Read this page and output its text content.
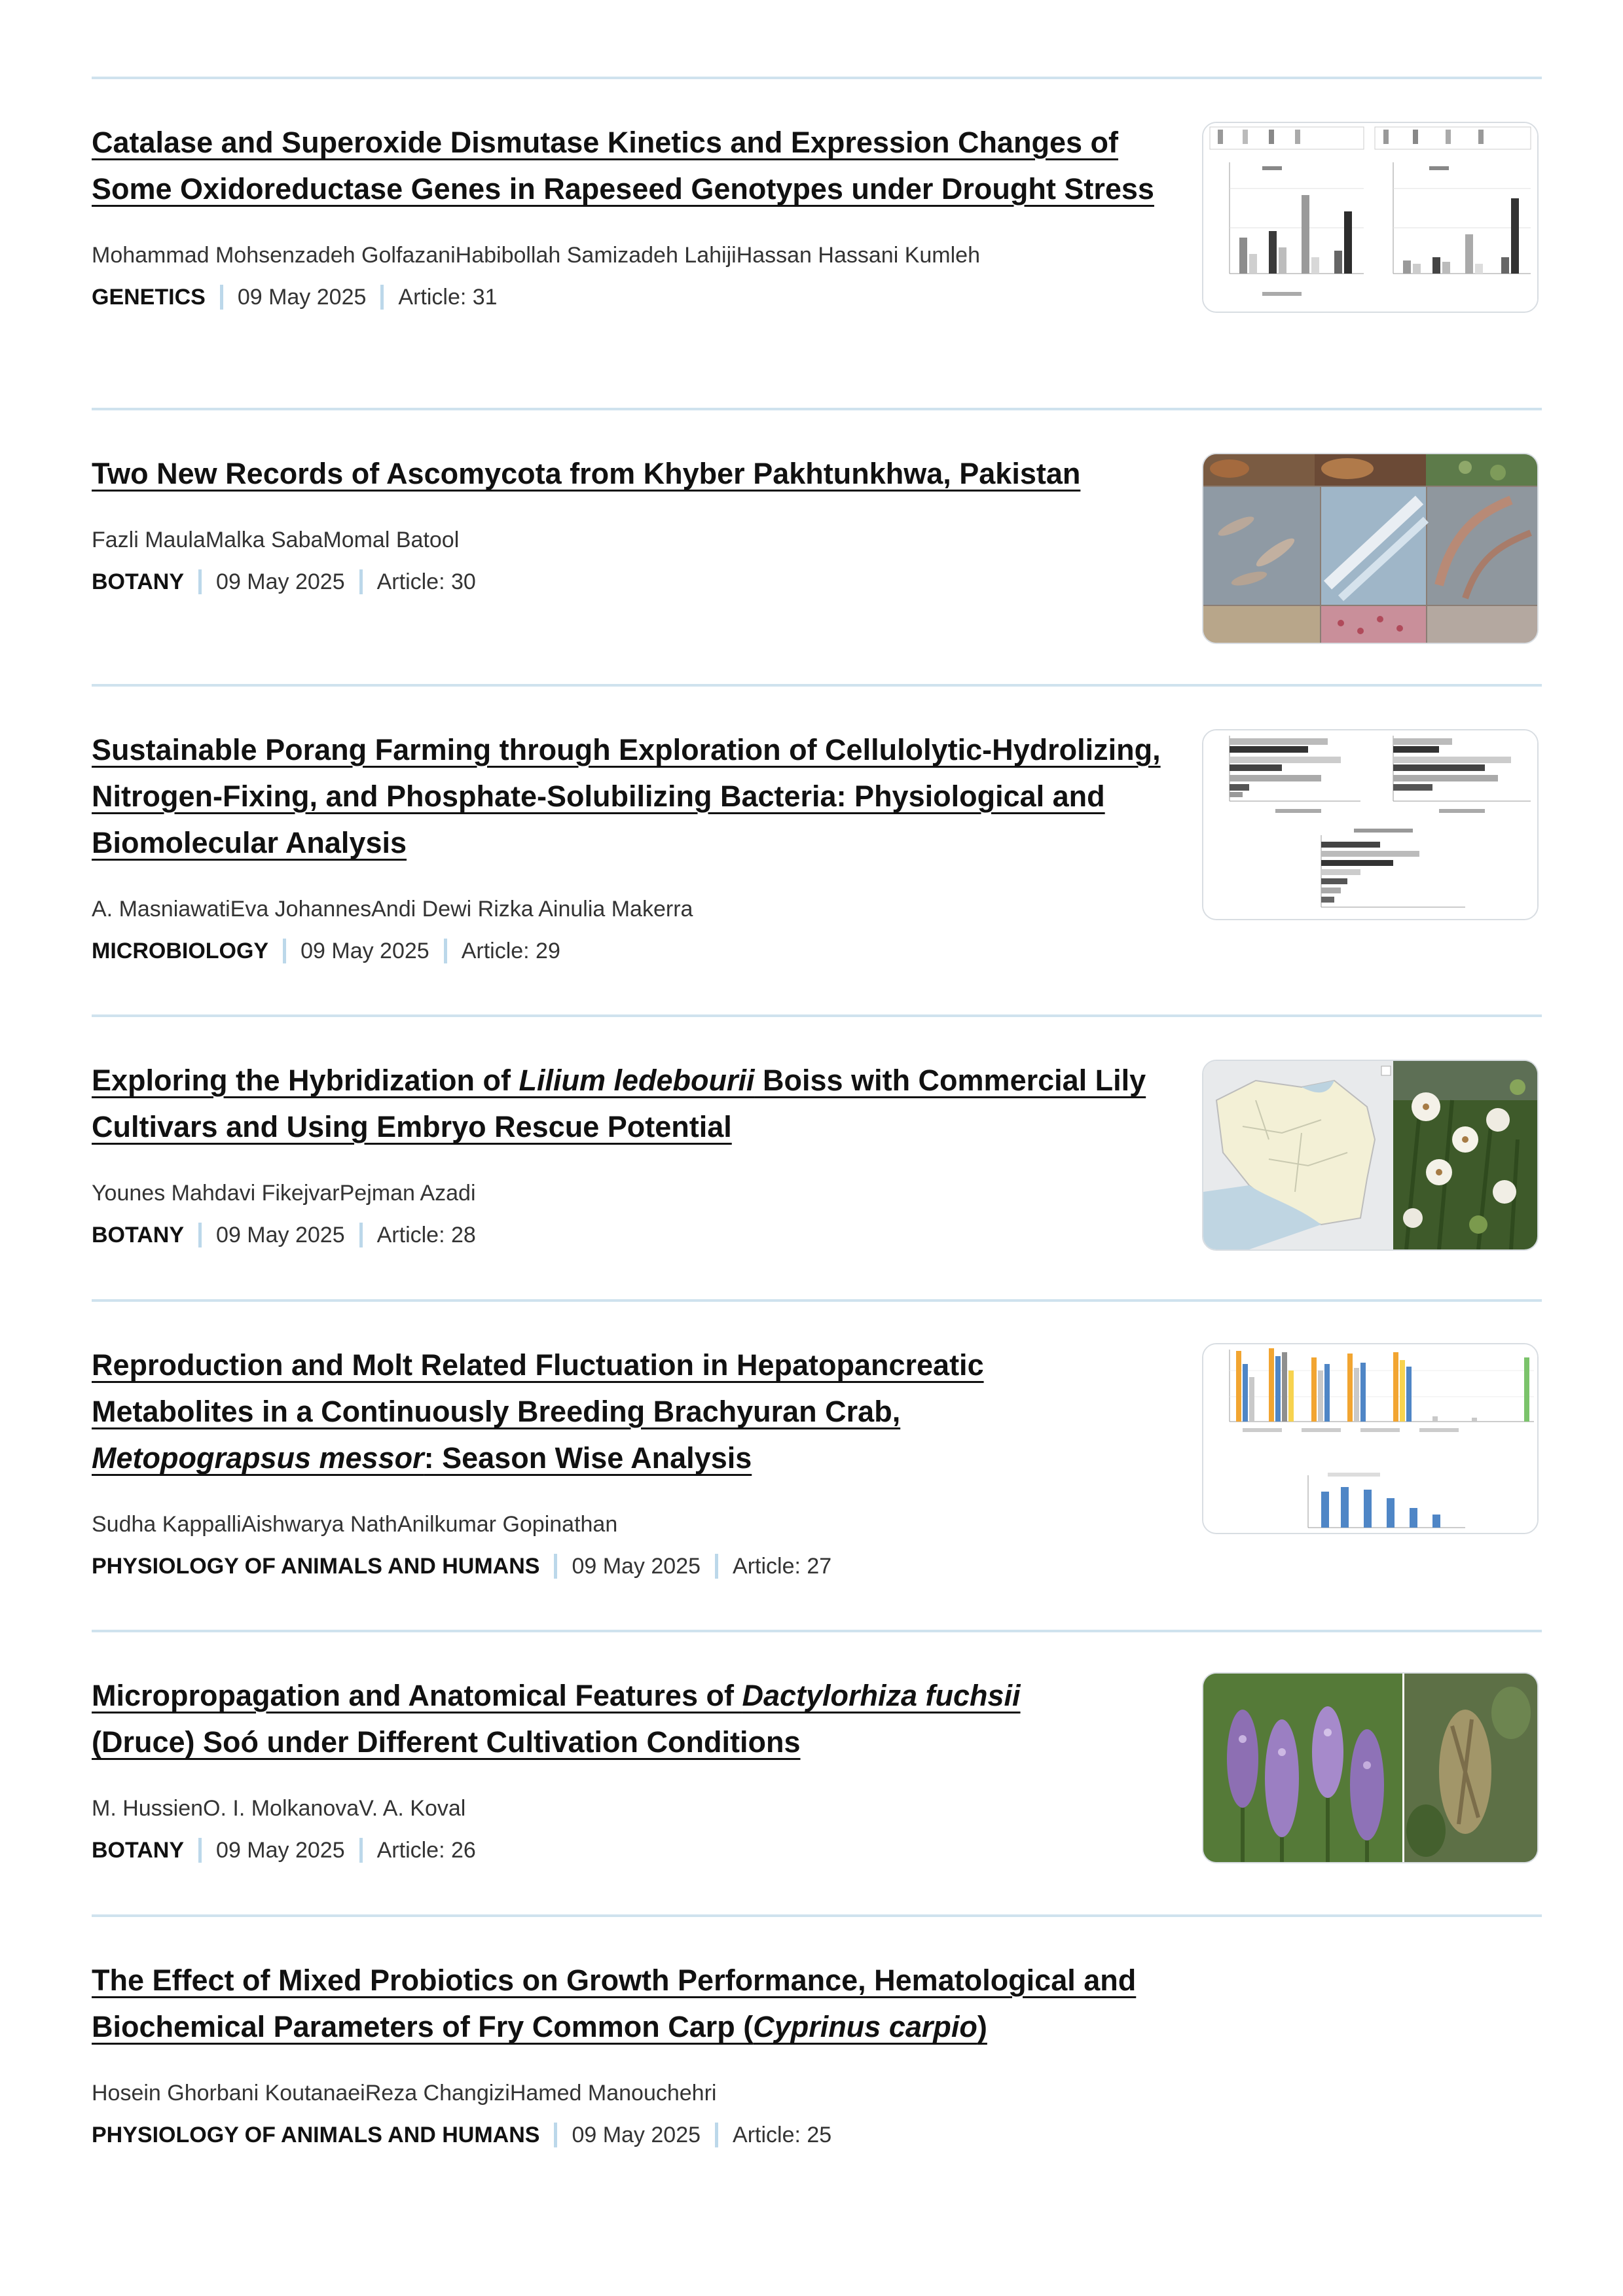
Catalase and Superoxide Dismutase Kinetics and Expression Changes of Some Oxidoreductase Genes in Rapeseed Genotypes under Drought Stress
Mohammad Mohsenzadeh GolfazaniHabibollah Samizadeh LahijiHassan Hassani Kumleh
GENETICS 09 May 2025 Article: 31
Two New Records of Ascomycota from Khyber Pakhtunkhwa, Pakistan
Fazli MaulaMalka SabaMomal Batool
BOTANY 09 May 2025 Article: 30
Sustainable Porang Farming through Exploration of Cellulolytic-Hydrolizing, Nitrogen-Fixing, and Phosphate-Solubilizing Bacteria: Physiological and Biomolecular Analysis
A. MasniawatiEva JohannesAndi Dewi Rizka Ainulia Makerra
MICROBIOLOGY 09 May 2025 Article: 29
Exploring the Hybridization of Lilium ledebourii Boiss with Commercial Lily Cultivars and Using Embryo Rescue Potential
Younes Mahdavi FikejvarPejman Azadi
BOTANY 09 May 2025 Article: 28
Reproduction and Molt Related Fluctuation in Hepatopancreatic Metabolites in a Continuously Breeding Brachyuran Crab, Metopograpsus messor: Season Wise Analysis
Sudha KappalliAishwarya NathAnilkumar Gopinathan
PHYSIOLOGY OF ANIMALS AND HUMANS 09 May 2025 Article: 27
Micropropagation and Anatomical Features of Dactylorhiza fuchsii (Druce) Soó under Different Cultivation Conditions
M. HussienO. I. MolkanovaV. A. Koval
BOTANY 09 May 2025 Article: 26
The Effect of Mixed Probiotics on Growth Performance, Hematological and Biochemical Parameters of Fry Common Carp (Cyprinus carpio)
Hosein Ghorbani KoutanaeiReza ChangiziHamed Manouchehri
PHYSIOLOGY OF ANIMALS AND HUMANS 09 May 2025 Article: 25
